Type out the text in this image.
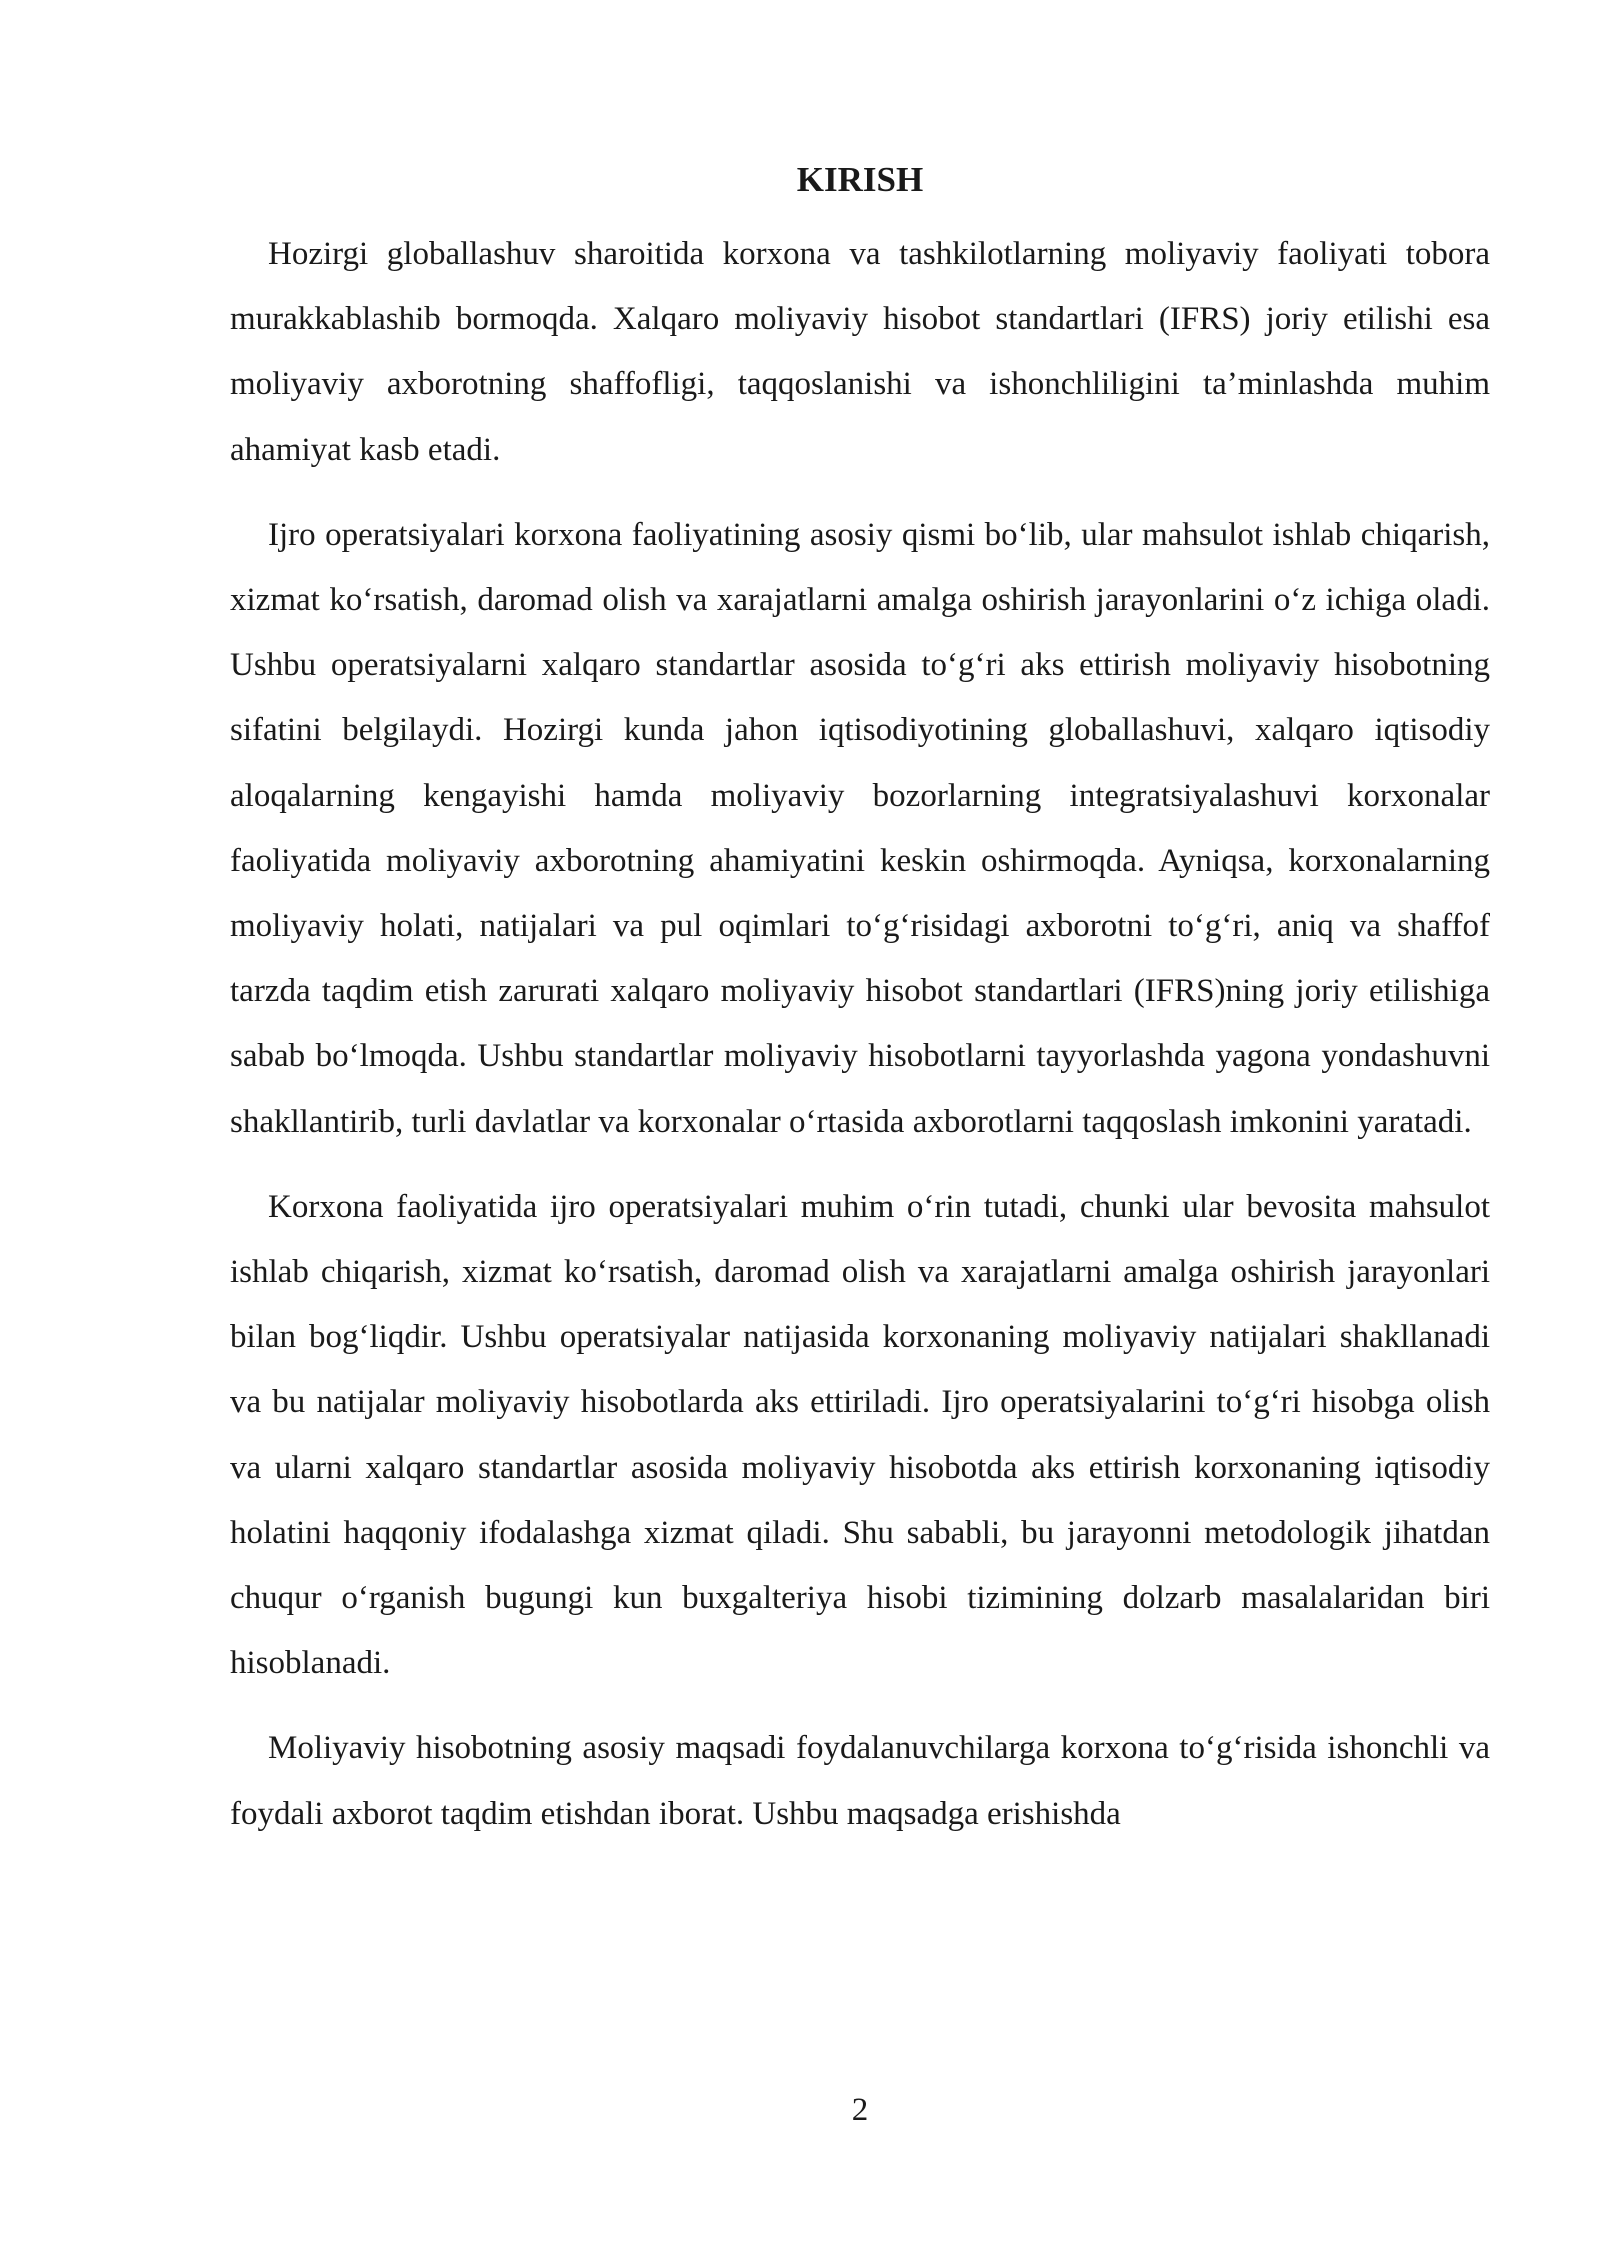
KIRISH

Hozirgi globallashuv sharoitida korxona va tashkilotlarning moliyaviy faoliyati tobora murakkablashib bormoqda. Xalqaro moliyaviy hisobot standartlari (IFRS) joriy etilishi esa moliyaviy axborotning shaffofligi, taqqoslanishi va ishonchliligini ta’minlashda muhim ahamiyat kasb etadi.

Ijro operatsiyalari korxona faoliyatining asosiy qismi bo‘lib, ular mahsulot ishlab chiqarish, xizmat ko‘rsatish, daromad olish va xarajatlarni amalga oshirish jarayonlarini o‘z ichiga oladi. Ushbu operatsiyalarni xalqaro standartlar asosida to‘g‘ri aks ettirish moliyaviy hisobotning sifatini belgilaydi. Hozirgi kunda jahon iqtisodiyotining globallashuvi, xalqaro iqtisodiy aloqalarning kengayishi hamda moliyaviy bozorlarning integratsiyalashuvi korxonalar faoliyatida moliyaviy axborotning ahamiyatini keskin oshirmoqda. Ayniqsa, korxonalarning moliyaviy holati, natijalari va pul oqimlari to‘g‘risidagi axborotni to‘g‘ri, aniq va shaffof tarzda taqdim etish zarurati xalqaro moliyaviy hisobot standartlari (IFRS)ning joriy etilishiga sabab bo‘lmoqda. Ushbu standartlar moliyaviy hisobotlarni tayyorlashda yagona yondashuvni shakllantirib, turli davlatlar va korxonalar o‘rtasida axborotlarni taqqoslash imkonini yaratadi.

Korxona faoliyatida ijro operatsiyalari muhim o‘rin tutadi, chunki ular bevosita mahsulot ishlab chiqarish, xizmat ko‘rsatish, daromad olish va xarajatlarni amalga oshirish jarayonlari bilan bog‘liqdir. Ushbu operatsiyalar natijasida korxonaning moliyaviy natijalari shakllanadi va bu natijalar moliyaviy hisobotlarda aks ettiriladi. Ijro operatsiyalarini to‘g‘ri hisobga olish va ularni xalqaro standartlar asosida moliyaviy hisobotda aks ettirish korxonaning iqtisodiy holatini haqqoniy ifodalashga xizmat qiladi. Shu sababli, bu jarayonni metodologik jihatdan chuqur o‘rganish bugungi kun buxgalteriya hisobi tizimining dolzarb masalalaridan biri hisoblanadi.

Moliyaviy hisobotning asosiy maqsadi foydalanuvchilarga korxona to‘g‘risida ishonchli va foydali axborot taqdim etishdan iborat. Ushbu maqsadga erishishda

2
